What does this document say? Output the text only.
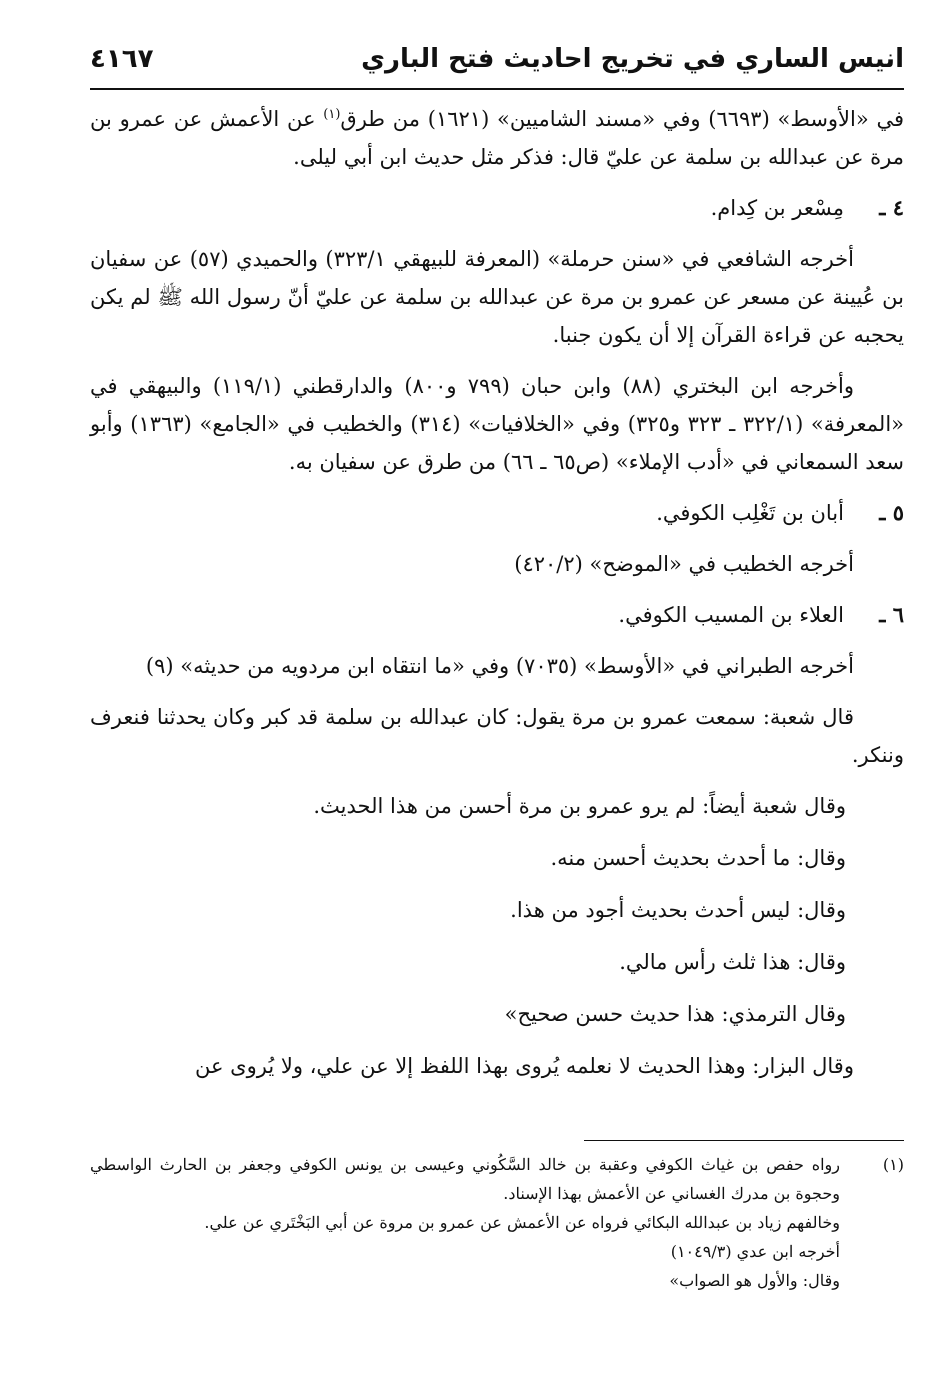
انيس الساري في تخريج احاديث فتح الباري
٤١٦٧

في «الأوسط» (٦٦٩٣) وفي «مسند الشاميين» (١٦٢١) من طرق$^{(١)}$ عن الأعمش عن عمرو بن مرة عن عبدالله بن سلمة عن عليّ قال: فذكر مثل حديث ابن أبي ليلى.

٤ ـمِسْعر بن كِدام.

أخرجه الشافعي في «سنن حرملة» (المعرفة للبيهقي ٣٢٣/١) والحميدي (٥٧) عن سفيان بن عُيينة عن مسعر عن عمرو بن مرة عن عبدالله بن سلمة عن عليّ أنّ رسول الله ﷺ لم يكن يحجبه عن قراءة القرآن إلا أن يكون جنبا.

وأخرجه ابن البختري (٨٨) وابن حبان (٧٩٩ و٨٠٠) والدارقطني (١١٩/١) والبيهقي في «المعرفة» (٣٢٢/١ ـ ٣٢٣ و٣٢٥) وفي «الخلافيات» (٣١٤) والخطيب في «الجامع» (١٣٦٣) وأبو سعد السمعاني في «أدب الإملاء» (ص٦٥ ـ ٦٦) من طرق عن سفيان به.

٥ ـأبان بن تَغْلِب الكوفي.

أخرجه الخطيب في «الموضح» (٤٢٠/٢)

٦ ـالعلاء بن المسيب الكوفي.

أخرجه الطبراني في «الأوسط» (٧٠٣٥) وفي «ما انتقاه ابن مردويه من حديثه» (٩)

قال شعبة: سمعت عمرو بن مرة يقول: كان عبدالله بن سلمة قد كبر وكان يحدثنا فنعرف وننكر.

وقال شعبة أيضاً: لم يرو عمرو بن مرة أحسن من هذا الحديث.

وقال: ما أحدث بحديث أحسن منه.

وقال: ليس أحدث بحديث أجود من هذا.

وقال: هذا ثلث رأس مالي.

وقال الترمذي: هذا حديث حسن صحيح»

وقال البزار: وهذا الحديث لا نعلمه يُروى بهذا اللفظ إلا عن علي، ولا يُروى عن

(١)
رواه حفص بن غياث الكوفي وعقبة بن خالد السَّكُوني وعيسى بن يونس الكوفي وجعفر بن الحارث الواسطي وحجوة بن مدرك الغساني عن الأعمش بهذا الإسناد.
وخالفهم زياد بن عبدالله البكائي فرواه عن الأعمش عن عمرو بن مروة عن أبي البَخْتَري عن علي.
أخرجه ابن عدي (١٠٤٩/٣)
وقال: والأول هو الصواب»
